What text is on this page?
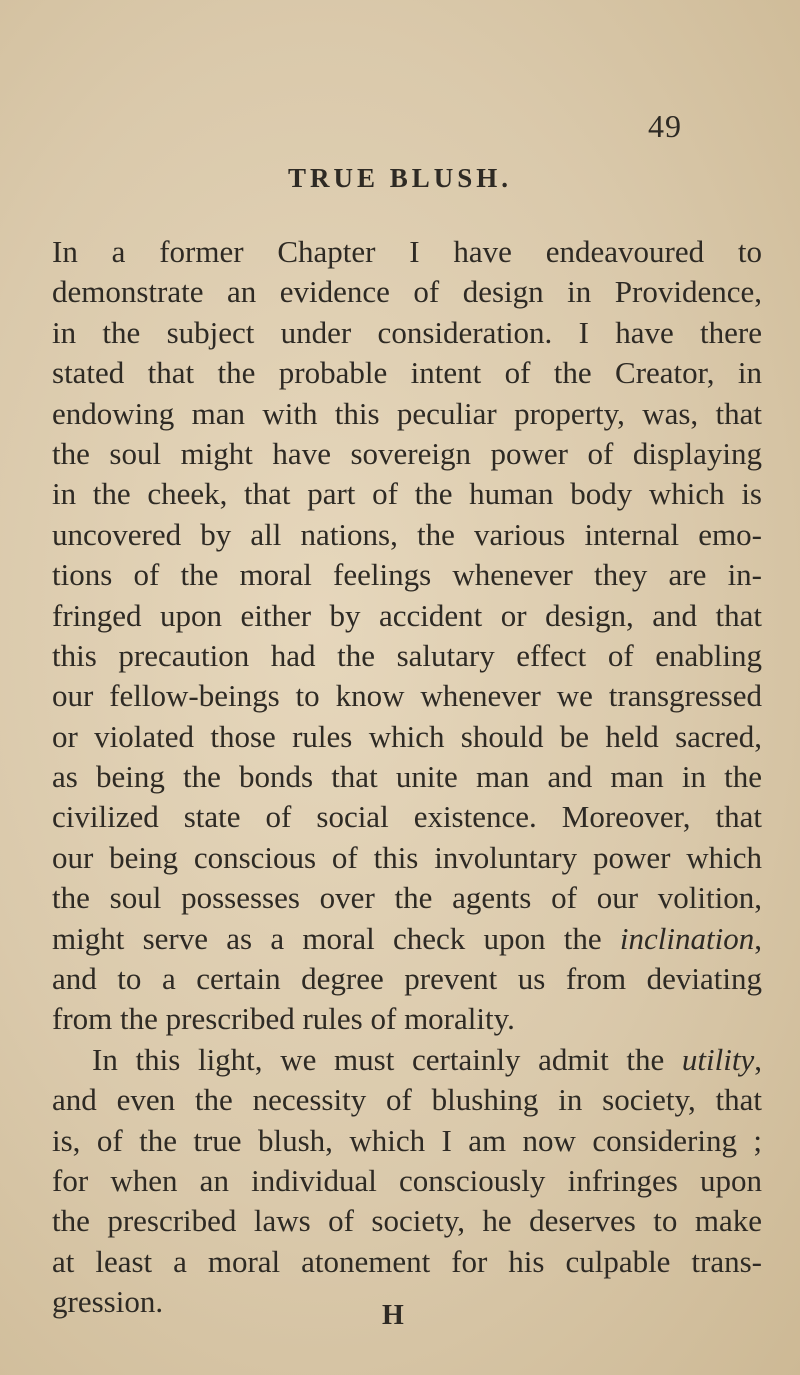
49
TRUE BLUSH.
In a former Chapter I have endeavoured to
demonstrate an evidence of design in Providence,
in the subject under consideration. I have there
stated that the probable intent of the Creator, in
endowing man with this peculiar property, was, that
the soul might have sovereign power of displaying
in the cheek, that part of the human body which is
uncovered by all nations, the various internal emo-
tions of the moral feelings whenever they are in-
fringed upon either by accident or design, and that
this precaution had the salutary effect of enabling
our fellow-beings to know whenever we transgressed
or violated those rules which should be held sacred,
as being the bonds that unite man and man in the
civilized state of social existence. Moreover, that
our being conscious of this involuntary power which
the soul possesses over the agents of our volition,
might serve as a moral check upon the inclination,
and to a certain degree prevent us from deviating
from the prescribed rules of morality.
In this light, we must certainly admit the utility,
and even the necessity of blushing in society, that
is, of the true blush, which I am now considering ;
for when an individual consciously infringes upon
the prescribed laws of society, he deserves to make
at least a moral atonement for his culpable trans-
gression.	H
